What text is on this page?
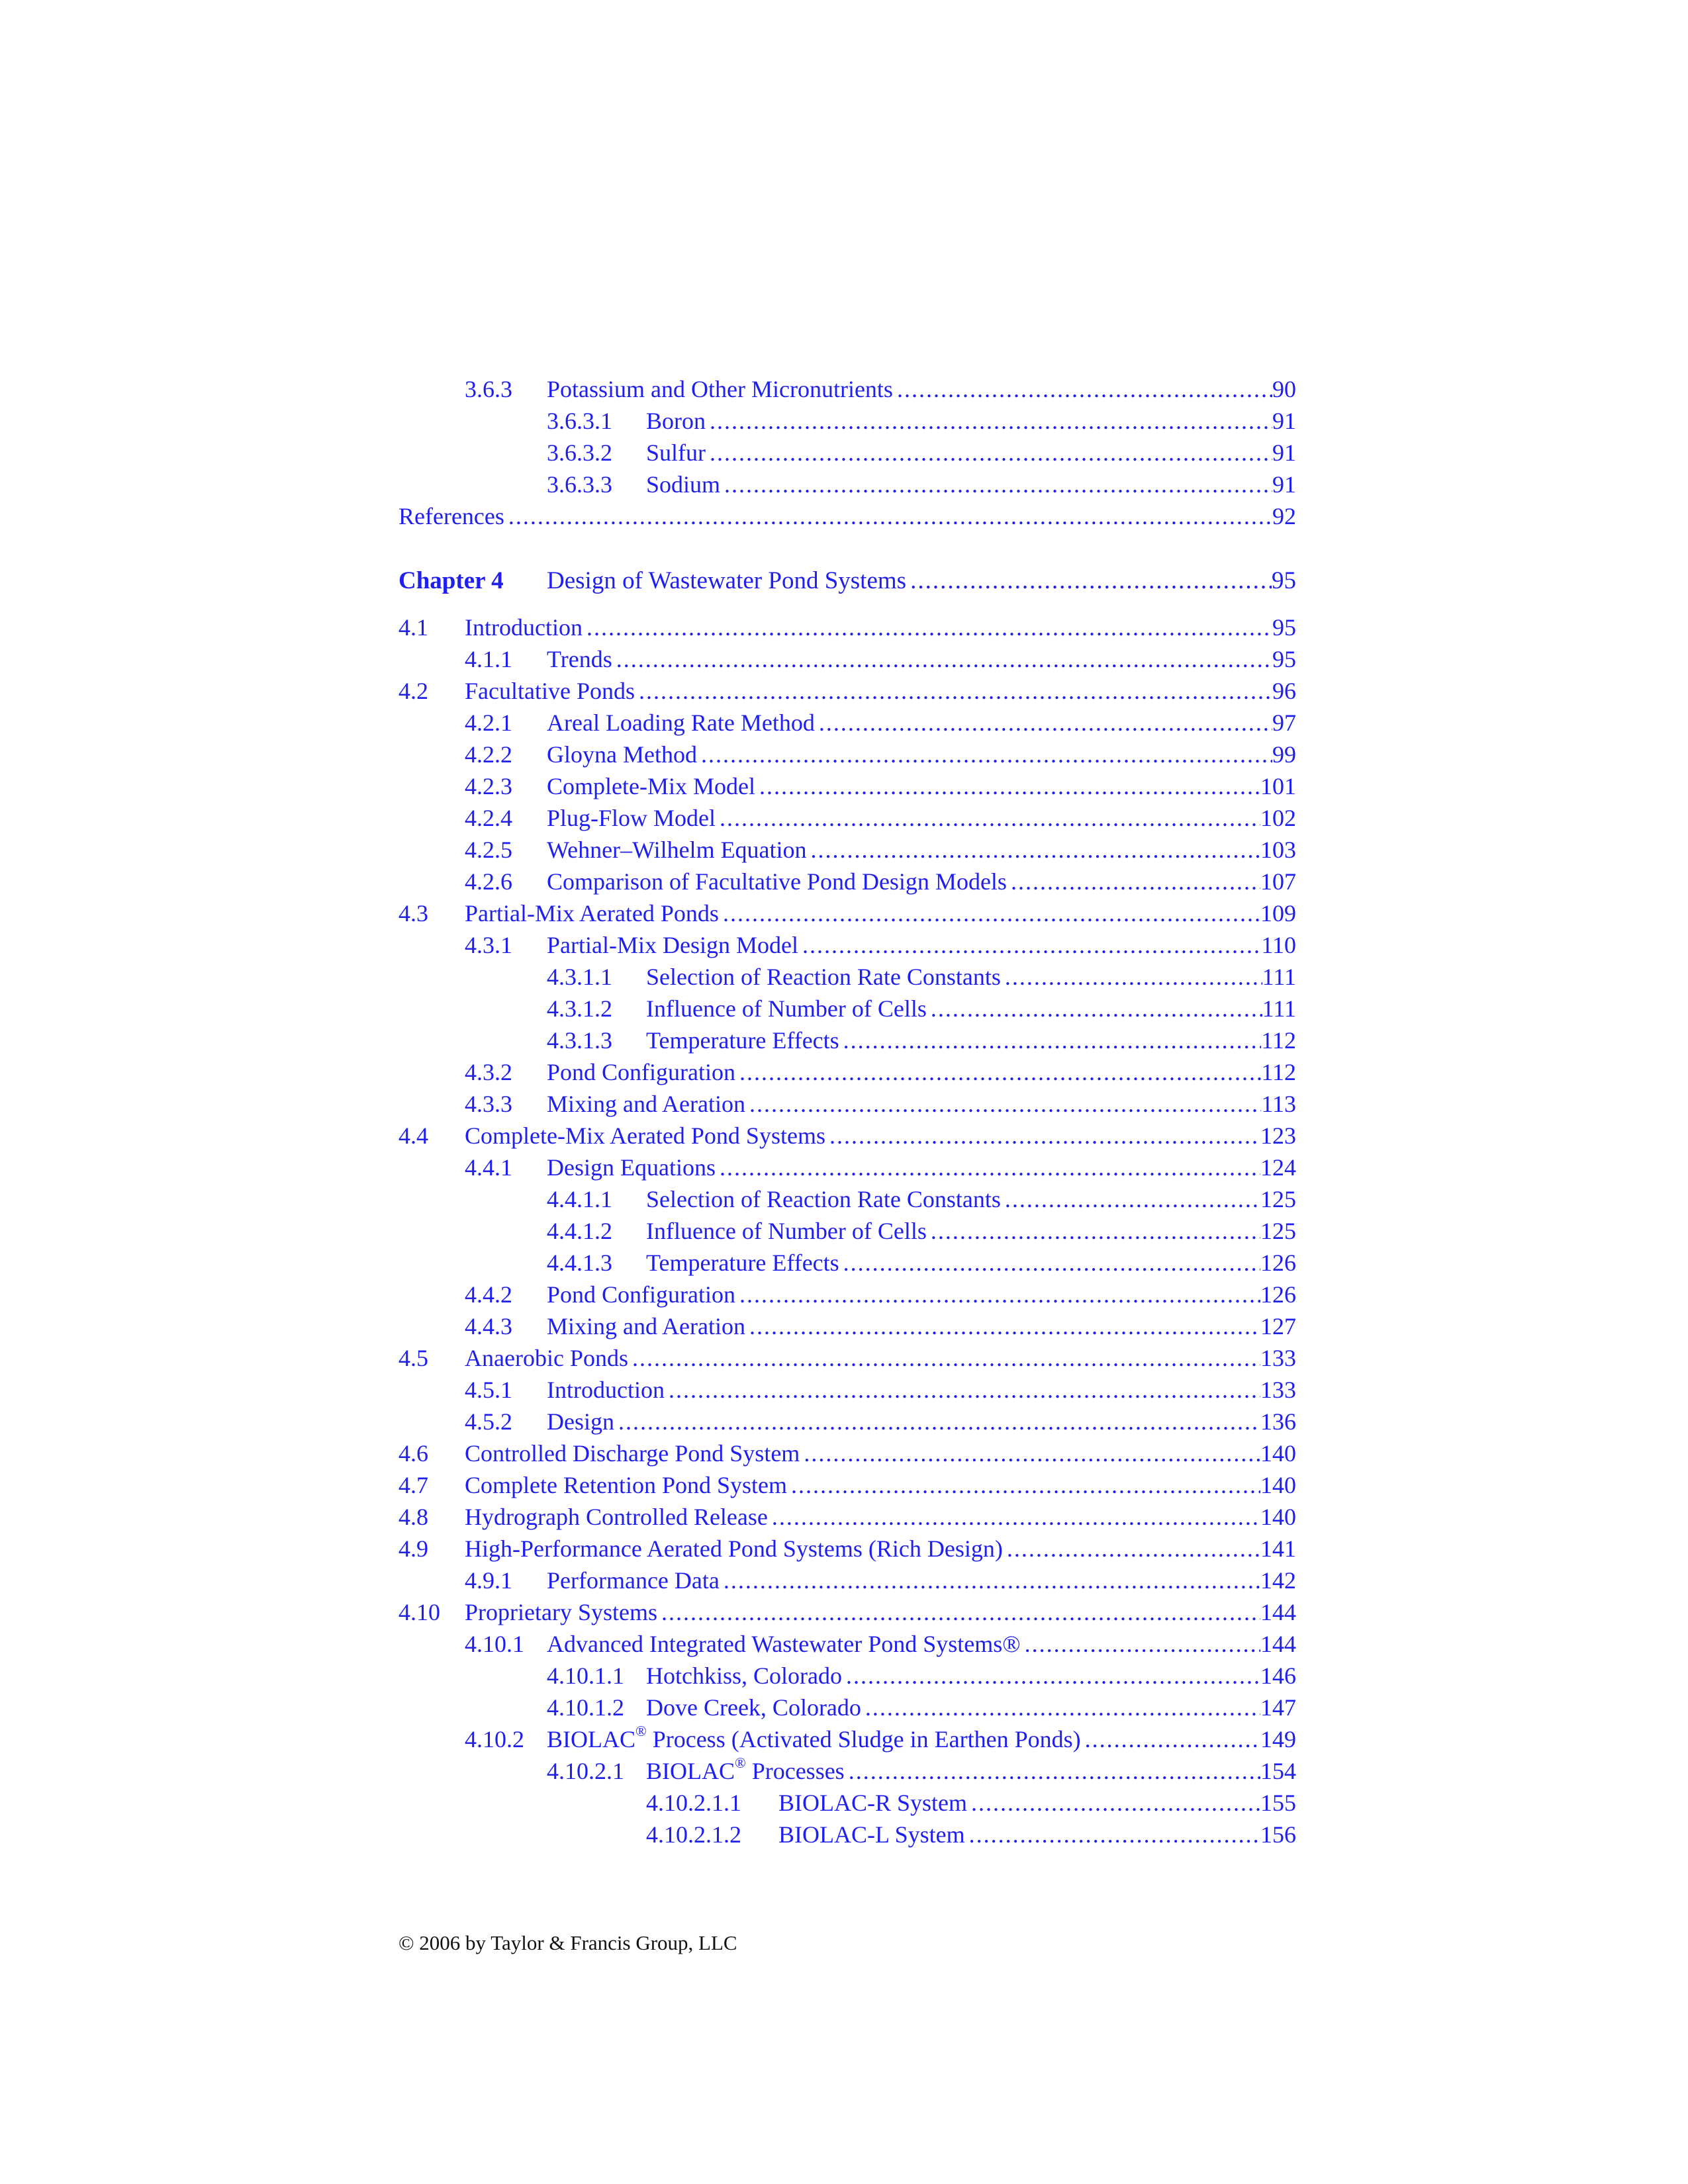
3.6.3	Potassium and Other Micronutrients .....	90
3.6.3.1	Boron .....	91
3.6.3.2	Sulfur .....	91
3.6.3.3	Sodium .....	91
References .....	92
Chapter 4	Design of Wastewater Pond Systems .....	95
4.1	Introduction .....	95
4.1.1	Trends .....	95
4.2	Facultative Ponds .....	96
4.2.1	Areal Loading Rate Method .....	97
4.2.2	Gloyna Method .....	99
4.2.3	Complete-Mix Model .....	101
4.2.4	Plug-Flow Model .....	102
4.2.5	Wehner–Wilhelm Equation .....	103
4.2.6	Comparison of Facultative Pond Design Models .....	107
4.3	Partial-Mix Aerated Ponds .....	109
4.3.1	Partial-Mix Design Model .....	110
4.3.1.1	Selection of Reaction Rate Constants .....	111
4.3.1.2	Influence of Number of Cells .....	111
4.3.1.3	Temperature Effects .....	112
4.3.2	Pond Configuration .....	112
4.3.3	Mixing and Aeration .....	113
4.4	Complete-Mix Aerated Pond Systems .....	123
4.4.1	Design Equations .....	124
4.4.1.1	Selection of Reaction Rate Constants .....	125
4.4.1.2	Influence of Number of Cells .....	125
4.4.1.3	Temperature Effects .....	126
4.4.2	Pond Configuration .....	126
4.4.3	Mixing and Aeration .....	127
4.5	Anaerobic Ponds .....	133
4.5.1	Introduction .....	133
4.5.2	Design .....	136
4.6	Controlled Discharge Pond System .....	140
4.7	Complete Retention Pond System .....	140
4.8	Hydrograph Controlled Release .....	140
4.9	High-Performance Aerated Pond Systems (Rich Design) .....	141
4.9.1	Performance Data .....	142
4.10	Proprietary Systems .....	144
4.10.1 Advanced Integrated Wastewater Pond Systems® .....	144
4.10.1.1 Hotchkiss, Colorado .....	146
4.10.1.2 Dove Creek, Colorado .....	147
4.10.2 BIOLAC® Process (Activated Sludge in Earthen Ponds) .....	149
4.10.2.1 BIOLAC® Processes .....	154
4.10.2.1.1	BIOLAC-R System .....	155
4.10.2.1.2	BIOLAC-L System .....	156
© 2006 by Taylor & Francis Group, LLC
